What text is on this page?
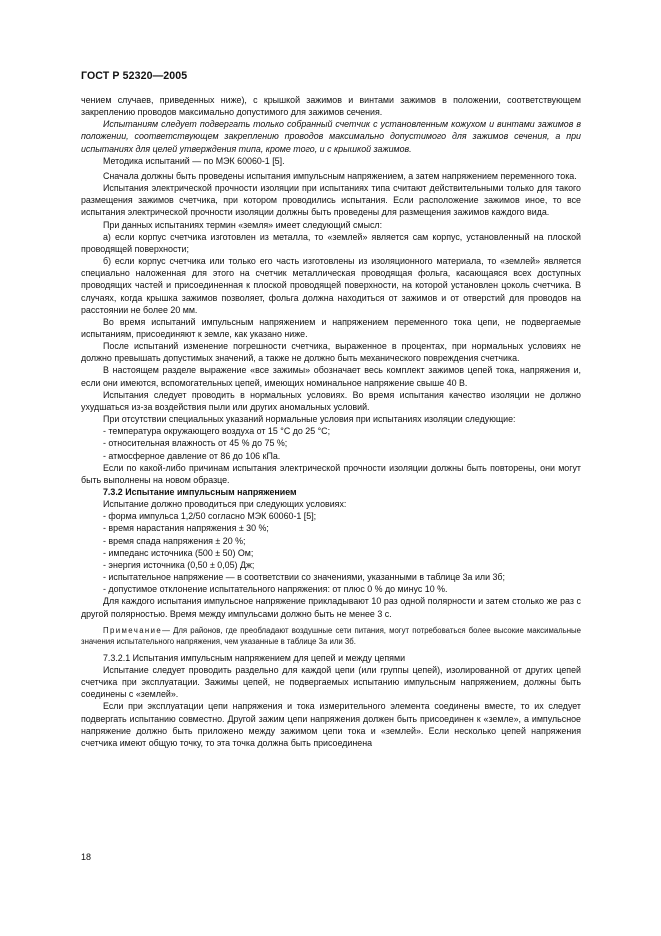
ГОСТ Р 52320—2005

чением случаев, приведенных ниже), с крышкой зажимов и винтами зажимов в положении, соответствующем закреплению проводов максимально допустимого для зажимов сечения.

Испытаниям следует подвергать только собранный счетчик с установленным кожухом и винтами зажимов в положении, соответствующем закреплению проводов максимально допустимого для зажимов сечения, а при испытаниях для целей утверждения типа, кроме того, и с крышкой зажимов.

Методика испытаний — по МЭК 60060-1 [5].

Сначала должны быть проведены испытания импульсным напряжением, а затем напряжением переменного тока.

Испытания электрической прочности изоляции при испытаниях типа считают действительными только для такого размещения зажимов счетчика, при котором проводились испытания. Если расположение зажимов иное, то все испытания электрической прочности изоляции должны быть проведены для размещения зажимов каждого вида.

При данных испытаниях термин «земля» имеет следующий смысл:

а) если корпус счетчика изготовлен из металла, то «землей» является сам корпус, установленный на плоской проводящей поверхности;

б) если корпус счетчика или только его часть изготовлены из изоляционного материала, то «землей» является специально наложенная для этого на счетчик металлическая проводящая фольга, касающаяся всех доступных проводящих частей и присоединенная к плоской проводящей поверхности, на которой установлен цоколь счетчика. В случаях, когда крышка зажимов позволяет, фольга должна находиться от зажимов и от отверстий для проводов на расстоянии не более 20 мм.

Во время испытаний импульсным напряжением и напряжением переменного тока цепи, не подвергаемые испытаниям, присоединяют к земле, как указано ниже.

После испытаний изменение погрешности счетчика, выраженное в процентах, при нормальных условиях не должно превышать допустимых значений, а также не должно быть механического повреждения счетчика.

В настоящем разделе выражение «все зажимы» обозначает весь комплект зажимов цепей тока, напряжения и, если они имеются, вспомогательных цепей, имеющих номинальное напряжение свыше 40 В.

Испытания следует проводить в нормальных условиях. Во время испытания качество изоляции не должно ухудшаться из-за воздействия пыли или других аномальных условий.

При отсутствии специальных указаний нормальные условия при испытаниях изоляции следующие:

- температура окружающего воздуха от 15 °С до 25 °С;

- относительная влажность от 45 % до 75 %;

- атмосферное давление от 86 до 106 кПа.

Если по какой-либо причинам испытания электрической прочности изоляции должны быть повторены, они могут быть выполнены на новом образце.

7.3.2 Испытание импульсным напряжением

Испытание должно проводиться при следующих условиях:

- форма импульса 1,2/50 согласно МЭК 60060-1 [5];

- время нарастания напряжения ± 30 %;

- время спада напряжения ± 20 %;

- импеданс источника (500 ± 50) Ом;

- энергия источника (0,50 ± 0,05) Дж;

- испытательное напряжение — в соответствии со значениями, указанными в таблице 3а или 3б;

- допустимое отклонение испытательного напряжения: от плюс 0 % до минус 10 %.

Для каждого испытания импульсное напряжение прикладывают 10 раз одной полярности и затем столько же раз с другой полярностью. Время между импульсами должно быть не менее 3 с.

Примечание— Для районов, где преобладают воздушные сети питания, могут потребоваться более высокие максимальные значения испытательного напряжения, чем указанные в таблице 3а или 3б.

7.3.2.1 Испытания импульсным напряжением для цепей и между цепями

Испытание следует проводить раздельно для каждой цепи (или группы цепей), изолированной от других цепей счетчика при эксплуатации. Зажимы цепей, не подвергаемых испытанию импульсным напряжением, должны быть соединены с «землей».

Если при эксплуатации цепи напряжения и тока измерительного элемента соединены вместе, то их следует подвергать испытанию совместно. Другой зажим цепи напряжения должен быть присоединен к «земле», а импульсное напряжение должно быть приложено между зажимом цепи тока и «землей». Если несколько цепей напряжения счетчика имеют общую точку, то эта точка должна быть присоединена

18
